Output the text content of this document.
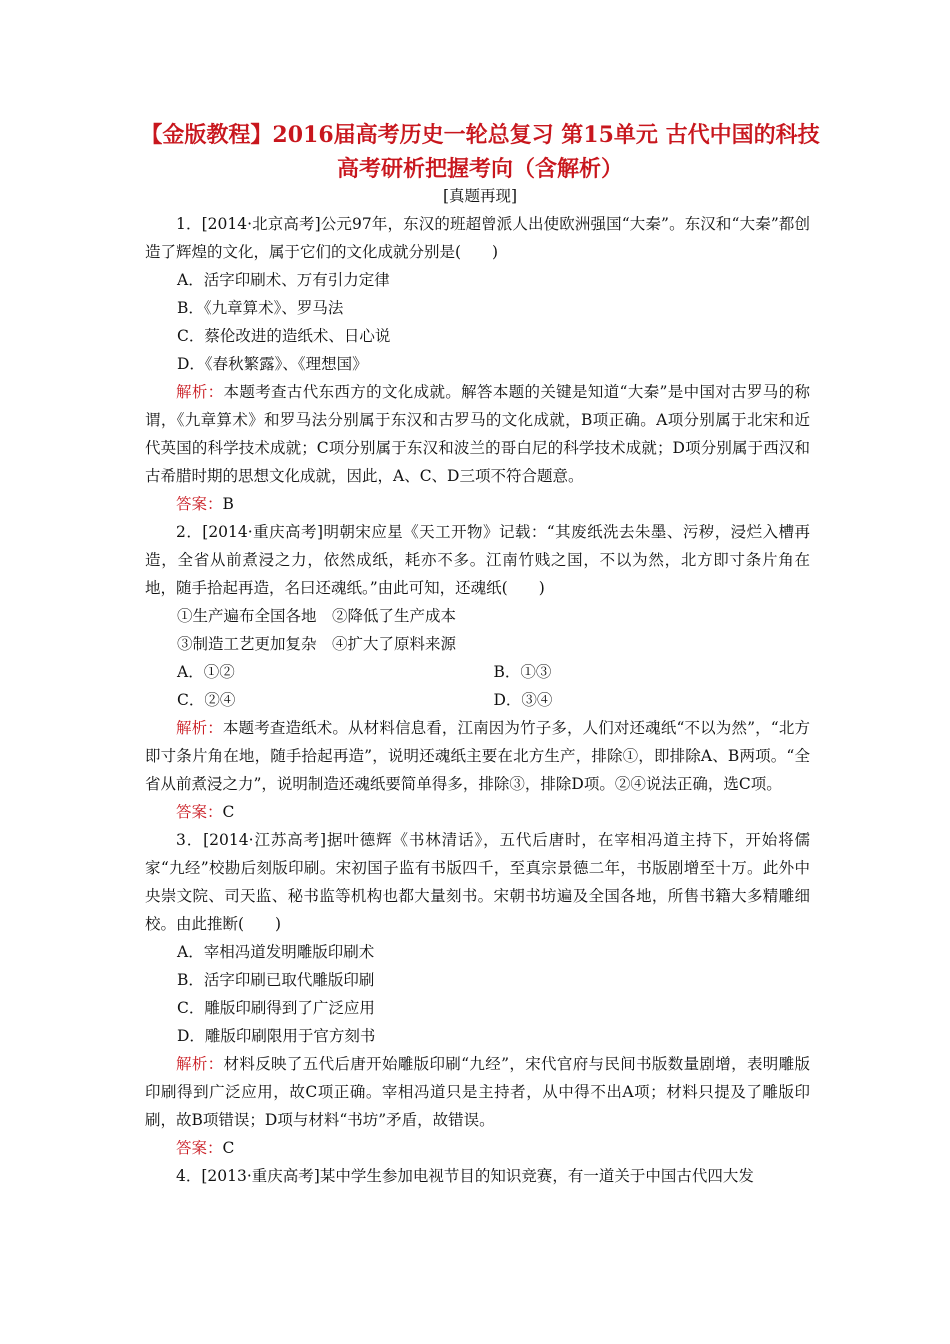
【金版教程】2016届高考历史一轮总复习 第15单元 古代中国的科技高考研析把握考向（含解析）
[真题再现]

1．[2014·北京高考]公元97年，东汉的班超曾派人出使欧洲强国“大秦”。东汉和“大秦”都创造了辉煌的文化，属于它们的文化成就分别是(　　)

A．活字印刷术、万有引力定律

B．《九章算术》、罗马法

C．蔡伦改进的造纸术、日心说

D．《春秋繁露》、《理想国》

解析：本题考查古代东西方的文化成就。解答本题的关键是知道“大秦”是中国对古罗马的称谓，《九章算术》和罗马法分别属于东汉和古罗马的文化成就，B项正确。A项分别属于北宋和近代英国的科学技术成就；C项分别属于东汉和波兰的哥白尼的科学技术成就；D项分别属于西汉和古希腊时期的思想文化成就，因此，A、C、D三项不符合题意。

答案：B

2．[2014·重庆高考]明朝宋应星《天工开物》记载：“其废纸洗去朱墨、污秽，浸烂入槽再造，全省从前煮浸之力，依然成纸，耗亦不多。江南竹贱之国，不以为然，北方即寸条片角在地，随手拾起再造，名曰还魂纸。”由此可知，还魂纸(　　)

①生产遍布全国各地　②降低了生产成本

③制造工艺更加复杂　④扩大了原料来源

A．①②	B．①③
C．②④	D．③④

解析：本题考查造纸术。从材料信息看，江南因为竹子多，人们对还魂纸“不以为然”，“北方即寸条片角在地，随手拾起再造”，说明还魂纸主要在北方生产，排除①，即排除A、B两项。“全省从前煮浸之力”，说明制造还魂纸要简单得多，排除③，排除D项。②④说法正确，选C项。

答案：C

3．[2014·江苏高考]据叶德辉《书林清话》，五代后唐时，在宰相冯道主持下，开始将儒家“九经”校勘后刻版印刷。宋初国子监有书版四千，至真宗景德二年，书版剧增至十万。此外中央崇文院、司天监、秘书监等机构也都大量刻书。宋朝书坊遍及全国各地，所售书籍大多精雕细校。由此推断(　　)

A．宰相冯道发明雕版印刷术

B．活字印刷已取代雕版印刷

C．雕版印刷得到了广泛应用

D．雕版印刷限用于官方刻书

解析：材料反映了五代后唐开始雕版印刷“九经”，宋代官府与民间书版数量剧增，表明雕版印刷得到广泛应用，故C项正确。宰相冯道只是主持者，从中得不出A项；材料只提及了雕版印刷，故B项错误；D项与材料“书坊”矛盾，故错误。

答案：C

4．[2013·重庆高考]某中学生参加电视节目的知识竞赛，有一道关于中国古代四大发
